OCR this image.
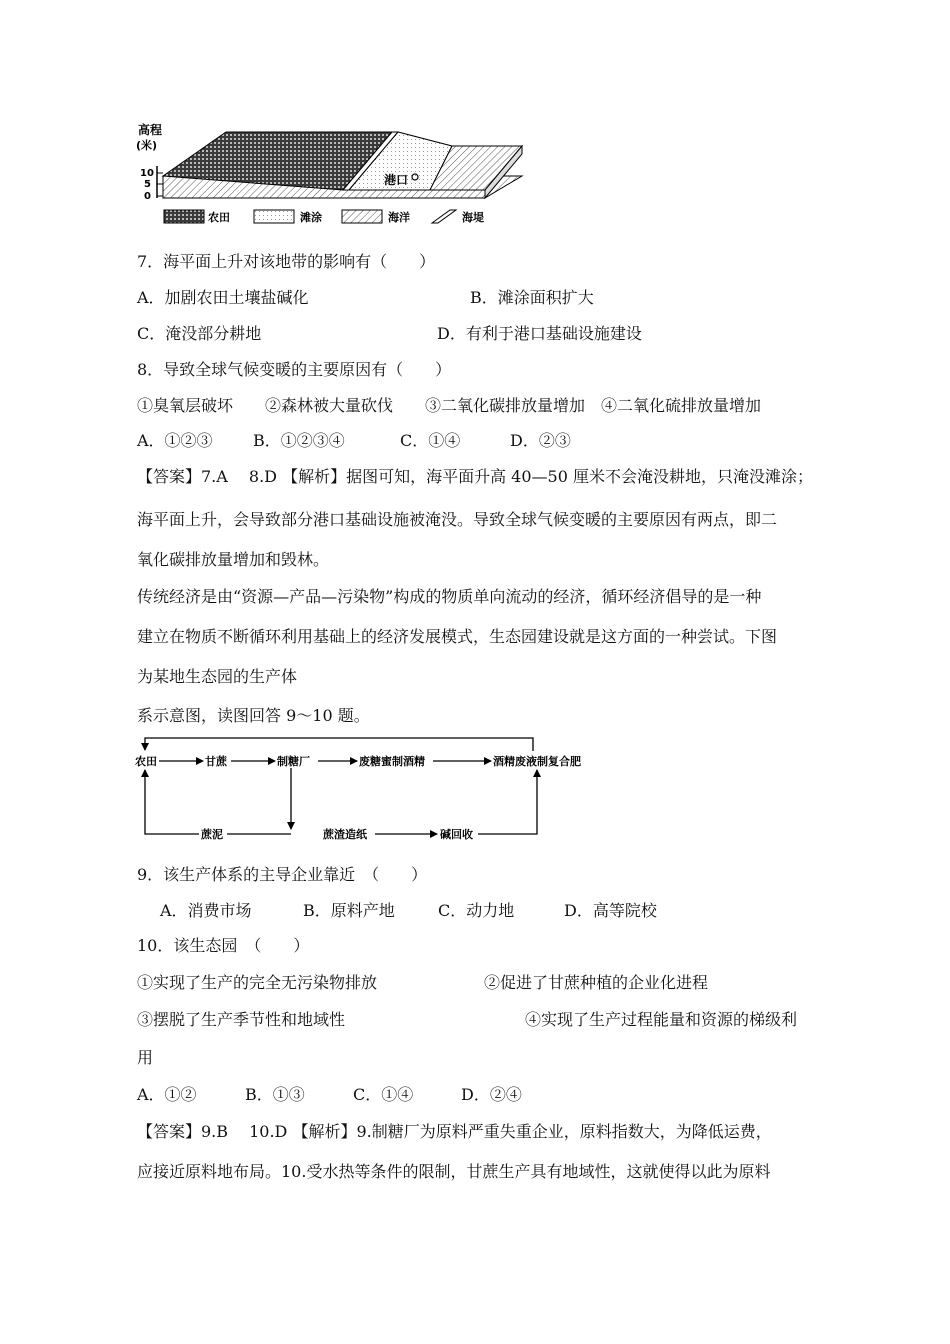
高程
(米)
10
5
0
港口
农田	滩涂	海洋	海堤
7．海平面上升对该地带的影响有（　　）
A．加剧农田土壤盐碱化	B．滩涂面积扩大
C．淹没部分耕地	D．有利于港口基础设施建设
8．导致全球气候变暖的主要原因有（　　）
①臭氧层破坏　　②森林被大量砍伐　　③二氧化碳排放量增加　④二氧化硫排放量增加
A．①②③	B．①②③④	C．①④	D．②③
【答案】7.A　 8.D 【解析】据图可知，海平面升高 40—50 厘米不会淹没耕地，只淹没滩涂；
海平面上升，会导致部分港口基础设施被淹没。导致全球气候变暖的主要原因有两点，即二
氧化碳排放量增加和毁林。
传统经济是由“资源—产品—污染物”构成的物质单向流动的经济，循环经济倡导的是一种
建立在物质不断循环利用基础上的经济发展模式，生态园建设就是这方面的一种尝试。下图
为某地生态园的生产体
系示意图，读图回答 9～10 题。
农田	甘蔗	制糖厂	废糖蜜制酒精	酒精废液制复合肥
蔗泥	蔗渣造纸	碱回收
9．该生产体系的主导企业靠近　（　　）
A．消费市场	B．原料产地	C．动力地	D．高等院校
10．该生态园　（　　）
①实现了生产的完全无污染物排放	②促进了甘蔗种植的企业化进程
③摆脱了生产季节性和地域性	④实现了生产过程能量和资源的梯级利
用
A．①②	B．①③	C．①④	D．②④
【答案】9.B　 10.D 【解析】9.制糖厂为原料严重失重企业，原料指数大，为降低运费，
应接近原料地布局。10.受水热等条件的限制，甘蔗生产具有地域性，这就使得以此为原料
